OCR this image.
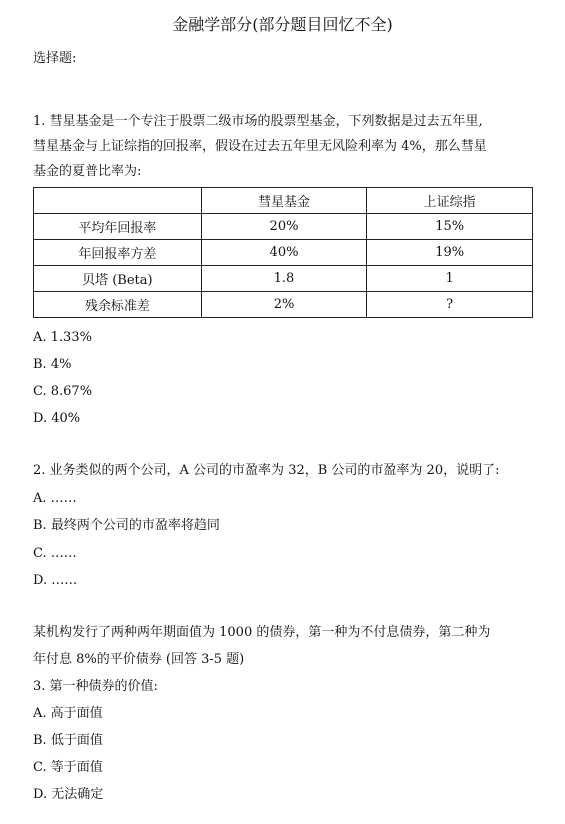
金融学部分(部分题目回忆不全)
选择题:
1. 彗星基金是一个专注于股票二级市场的股票型基金，下列数据是过去五年里,
彗星基金与上证综指的回报率，假设在过去五年里无风险利率为 4%，那么彗星
基金的夏普比率为:
	彗星基金	上证综指
平均年回报率	20%	15%
年回报率方差	40%	19%
贝塔 (Beta)	1.8	1
残余标准差	2%	?
A. 1.33%
B. 4%
C. 8.67%
D. 40%
2. 业务类似的两个公司，A 公司的市盈率为 32，B 公司的市盈率为 20，说明了:
A. ……
B. 最终两个公司的市盈率将趋同
C. ……
D. ……
某机构发行了两种两年期面值为 1000 的债券，第一种为不付息债券，第二种为
年付息 8%的平价债券 (回答 3-5 题)
3. 第一种债券的价值:
A. 高于面值
B. 低于面值
C. 等于面值
D. 无法确定
